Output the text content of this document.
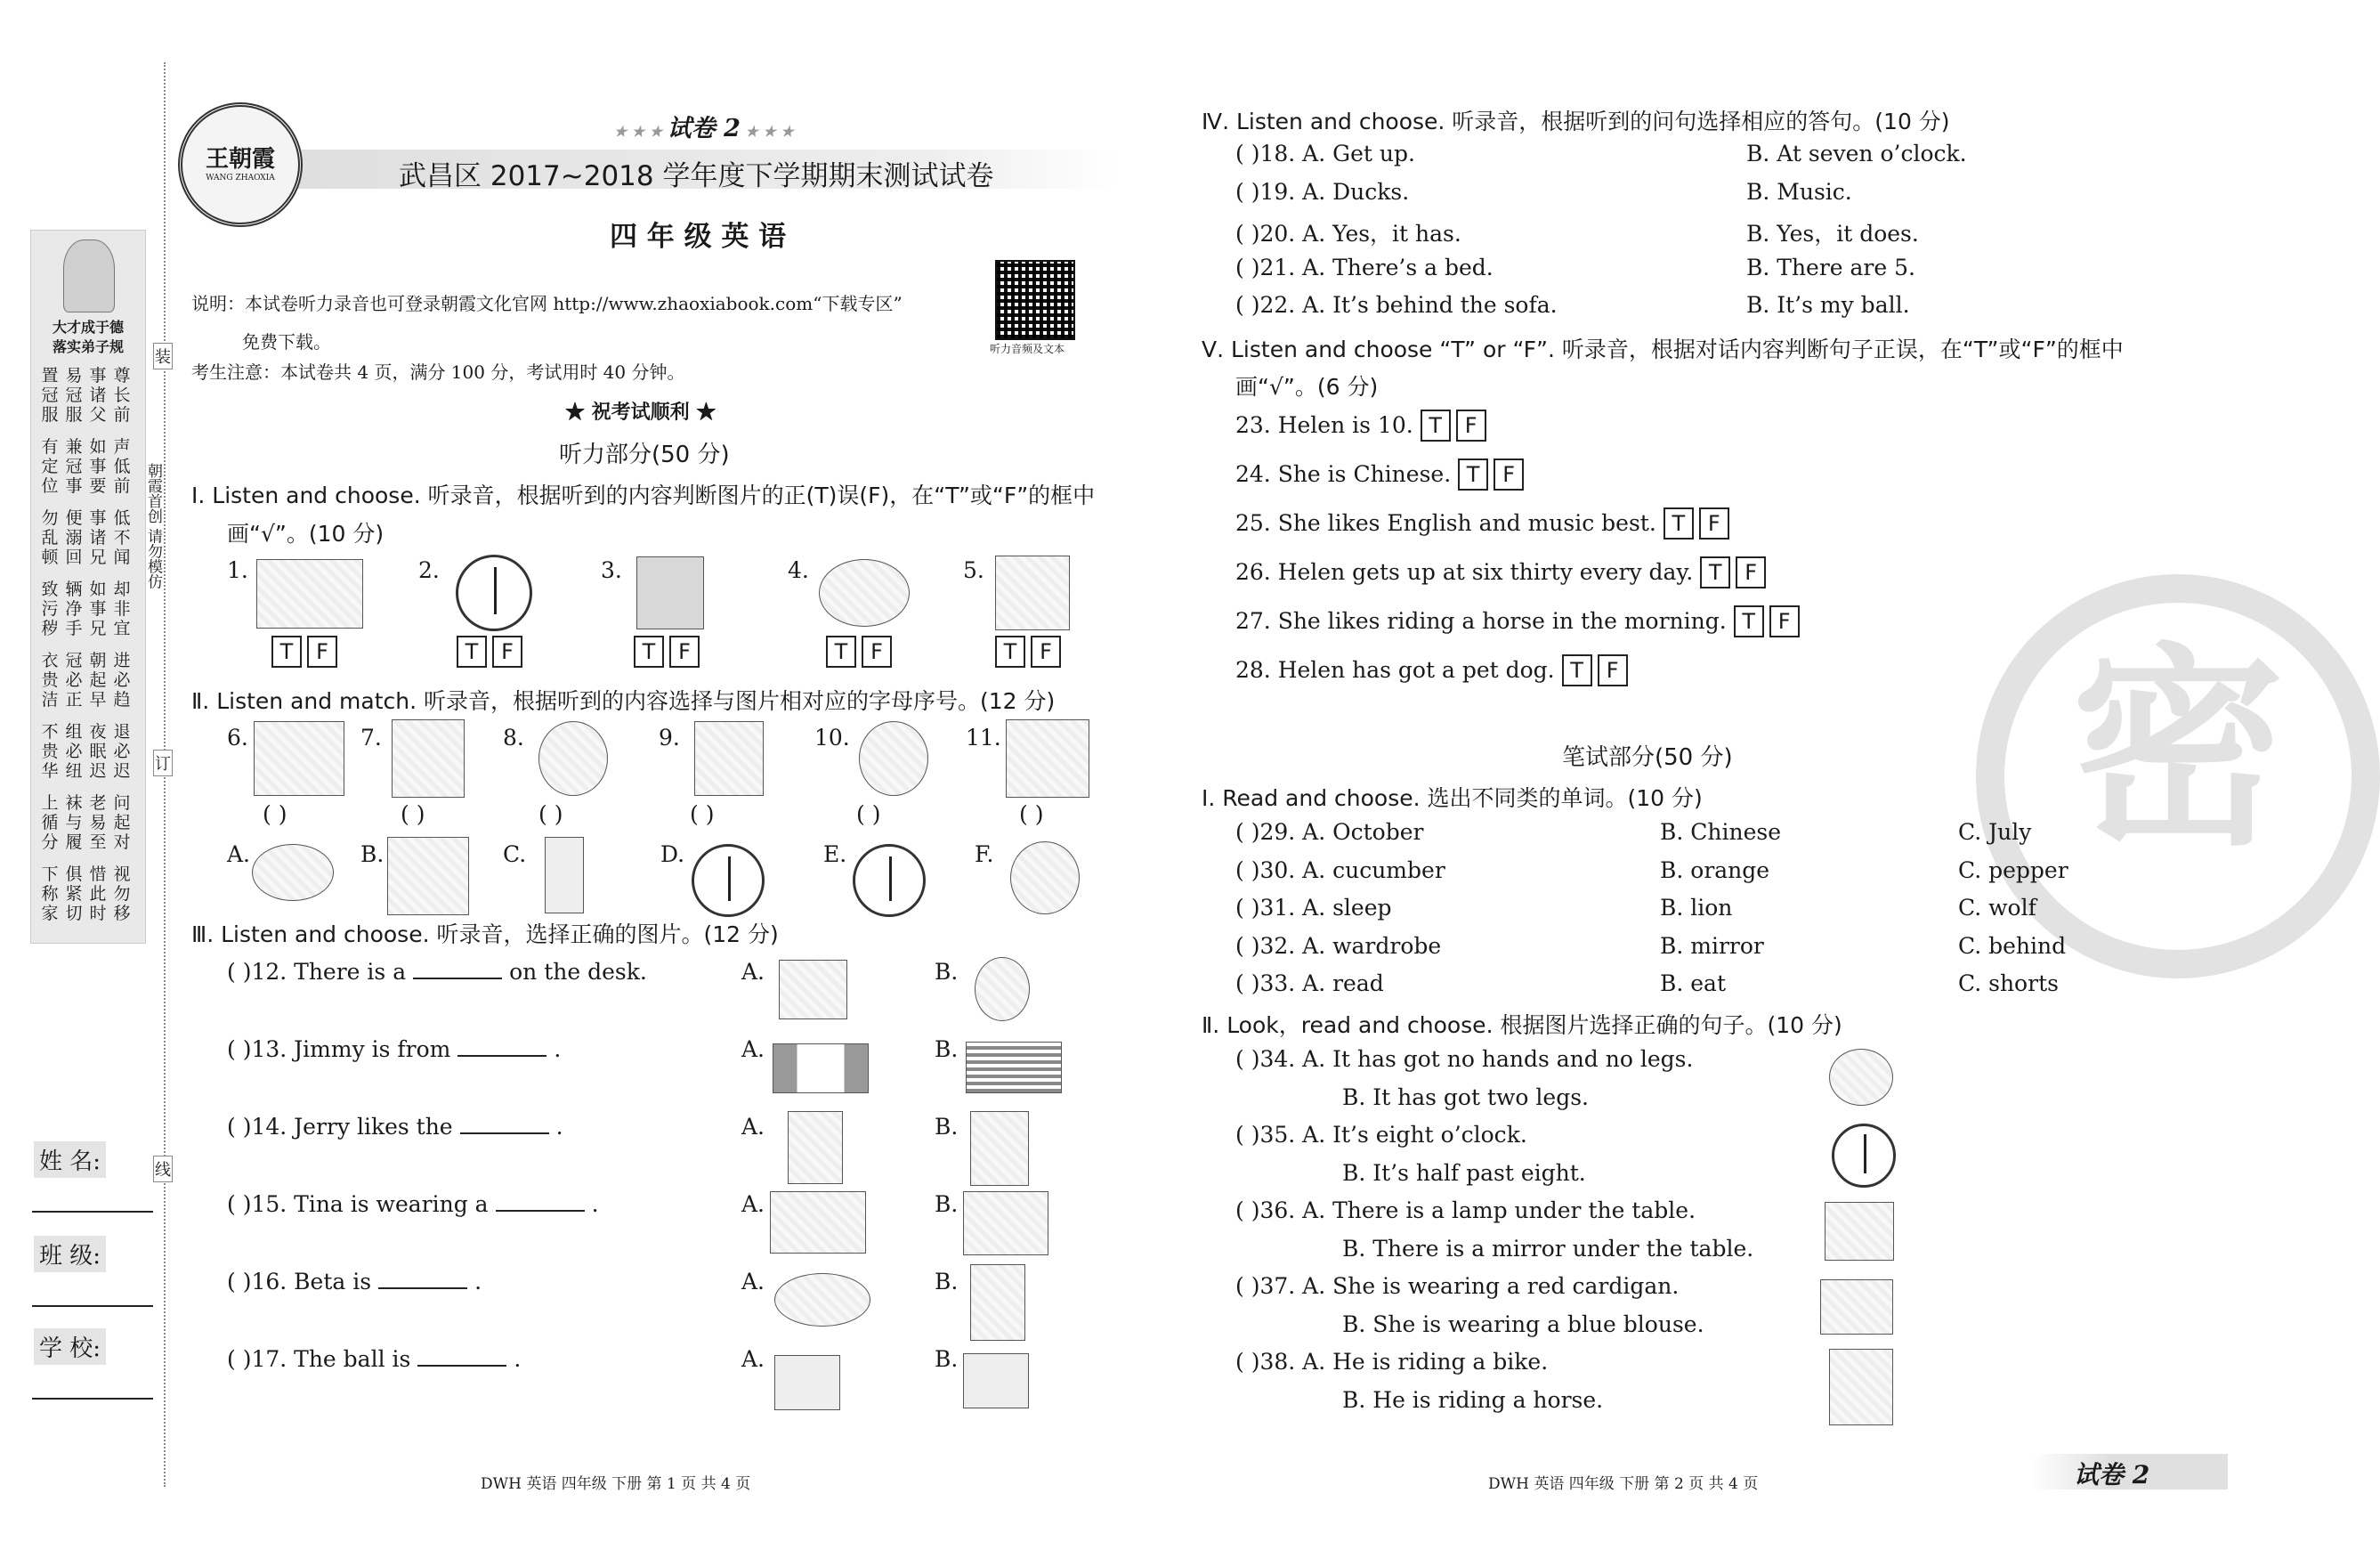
大才成于德
落实弟子规
置冠服
易冠服
事诸父
尊长前
有定位
兼冠事
如事要
声低前
勿乱顿
便溺回
事诸兄
低不闻
致污秽
辆净手
如事兄
却非宜
衣贵洁
冠必正
朝起早
进必趋
不贵华
组必纽
夜眠迟
退必迟
上循分
袜与履
老易至
问起对
下称家
俱紧切
惜此时
视勿移
装
订
线
朝霞首创 请勿模仿
姓 名:
班 级:
学 校:
王朝霞
WANG ZHAOXIA
★ ★ ★ 试卷 2 ★ ★ ★
武昌区 2017~2018 学年度下学期期末测试试卷
四 年 级 英 语
说明：本试卷听力录音也可登录朝霞文化官网 http://www.zhaoxiabook.com“下载专区”
免费下载。
考生注意：本试卷共 4 页，满分 100 分，考试用时 40 分钟。
听力音频及文本
★ 祝考试顺利 ★
听力部分(50 分)
Ⅰ. Listen and choose. 听录音，根据听到的内容判断图片的正(T)误(F)，在“T”或“F”的框中
画“√”。(10 分)
1.
T F
2.
T F
3.
T F
4.
T F
5.
T F
Ⅱ. Listen and match. 听录音，根据听到的内容选择与图片相对应的字母序号。(12 分)
6.
( )
7.
( )
8.
( )
9.
( )
10.
( )
11.
( )
A.	B.	C.	D.	E.	F.
Ⅲ. Listen and choose. 听录音，选择正确的图片。(12 分)
( )12. There is a	on the desk.	A.	B.
( )13. Jimmy is from	.	A.	B.
( )14. Jerry likes the	.	A.	B.
( )15. Tina is wearing a	.	A.	B.
( )16. Beta is	.	A.	B.
( )17. The ball is	.	A.	B.
DWH 英语 四年级 下册 第 1 页 共 4 页
Ⅳ. Listen and choose. 听录音，根据听到的问句选择相应的答句。(10 分)
( )18. A. Get up.	B. At seven o’clock.
( )19. A. Ducks.	B. Music.
( )20. A. Yes，it has.	B. Yes，it does.
( )21. A. There’s a bed.	B. There are 5.
( )22. A. It’s behind the sofa.	B. It’s my ball.
Ⅴ. Listen and choose “T” or “F”. 听录音，根据对话内容判断句子正误，在“T”或“F”的框中
画“√”。(6 分)
23. Helen is 10. T F
24. She is Chinese. T F
25. She likes English and music best. T F
26. Helen gets up at six thirty every day. T F
27. She likes riding a horse in the morning. T F
28. Helen has got a pet dog. T F	密
笔试部分(50 分)
Ⅰ. Read and choose. 选出不同类的单词。(10 分)
( )29. A. October	B. Chinese	C. July
( )30. A. cucumber	B. orange	C. pepper
( )31. A. sleep	B. lion	C. wolf
( )32. A. wardrobe	B. mirror	C. behind
( )33. A. read	B. eat	C. shorts
Ⅱ. Look，read and choose. 根据图片选择正确的句子。(10 分)
( )34. A. It has got no hands and no legs.
B. It has got two legs.
( )35. A. It’s eight o’clock.
B. It’s half past eight.
( )36. A. There is a lamp under the table.
B. There is a mirror under the table.
( )37. A. She is wearing a red cardigan.
B. She is wearing a blue blouse.
( )38. A. He is riding a bike.
B. He is riding a horse.
DWH 英语 四年级 下册 第 2 页 共 4 页	试卷 2
